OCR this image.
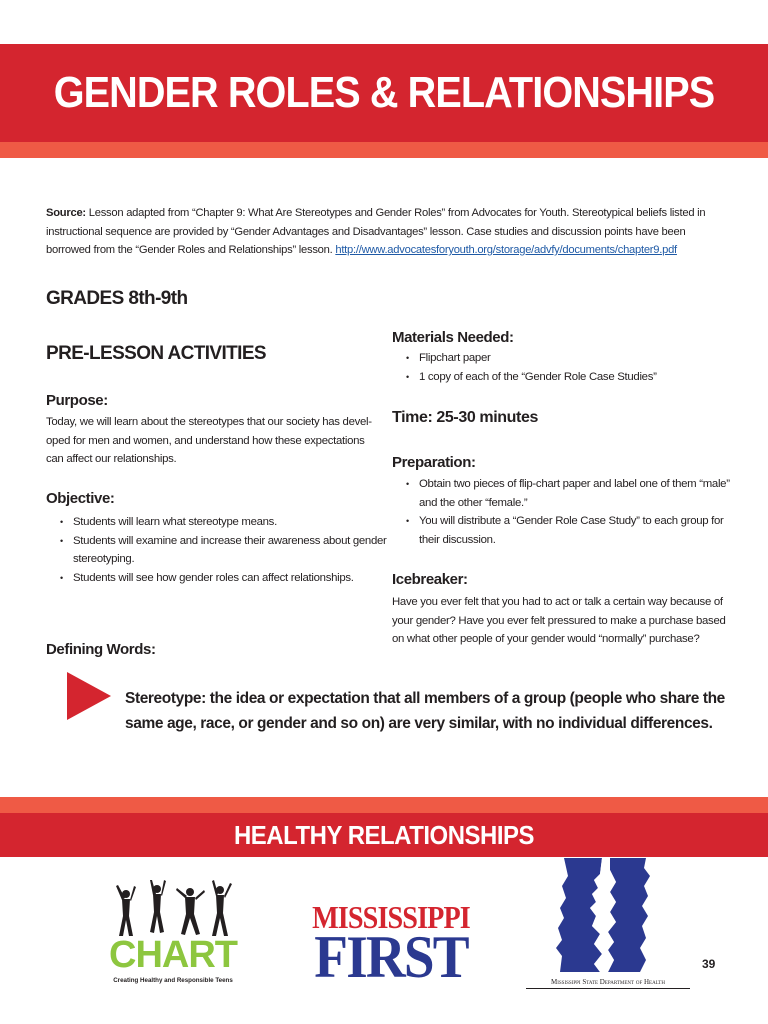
GENDER ROLES & RELATIONSHIPS
Source: Lesson adapted from “Chapter 9: What Are Stereotypes and Gender Roles” from Advocates for Youth. Stereotypical beliefs listed in instructional sequence are provided by “Gender Advantages and Disadvantages” lesson. Case studies and discussion points have been borrowed from the “Gender Roles and Relationships” lesson. http://www.advocatesforyouth.org/storage/advfy/documents/chapter9.pdf
GRADES 8th-9th
PRE-LESSON ACTIVITIES
Purpose:
Today, we will learn about the stereotypes that our society has devel-oped for men and women, and understand how these expectations can affect our relationships.
Objective:
• Students will learn what stereotype means.
• Students will examine and increase their awareness about gender stereotyping.
• Students will see how gender roles can affect relationships.
Defining Words:
Materials Needed:
• Flipchart paper
• 1 copy of each of the “Gender Role Case Studies”
Time: 25-30 minutes
Preparation:
• Obtain two pieces of flip-chart paper and label one of them “male” and the other “female.”
• You will distribute a “Gender Role Case Study” to each group for their discussion.
Icebreaker:
Have you ever felt that you had to act or talk a certain way because of your gender? Have you ever felt pressured to make a purchase based on what other people of your gender would “normally” purchase?
Stereotype: the idea or expectation that all members of a group (people who share the same age, race, or gender and so on) are very similar, with no individual differences.
HEALTHY RELATIONSHIPS
CHART
Creating Healthy and Responsible Teens
MISSISSIPPI
FIRST	Mississippi State Department of Health
39
